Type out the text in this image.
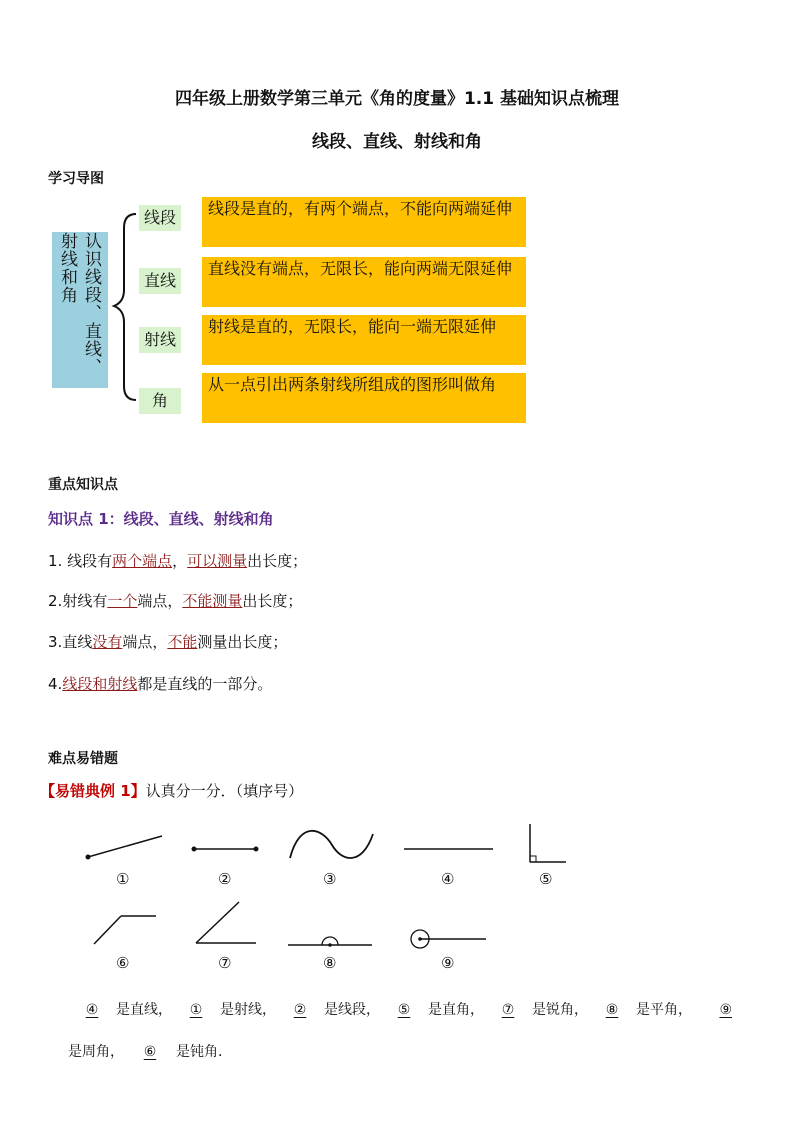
四年级上册数学第三单元《角的度量》1.1 基础知识点梳理
线段、直线、射线和角
学习导图
认识线段、直线、
射线和角
线段
直线
射线
角
线段是直的，有两个端点，不能向两端延伸
直线没有端点，无限长，能向两端无限延伸
射线是直的，无限长，能向一端无限延伸
从一点引出两条射线所组成的图形叫做角
重点知识点
知识点 1：线段、直线、射线和角
1. 线段有两个端点，可以测量出长度；
2.射线有一个端点，不能测量出长度；
3.直线没有端点，不能测量出长度；
4.线段和射线都是直线的一部分。
难点易错题
【易错典例 1】认真分一分．（填序号）
①	②	③	④	⑤
⑥	⑦	⑧	⑨
④ 是直线， ① 是射线， ② 是线段， ⑤ 是直角， ⑦ 是锐角， ⑧ 是平角， ⑨
是周角， ⑥ 是钝角．
